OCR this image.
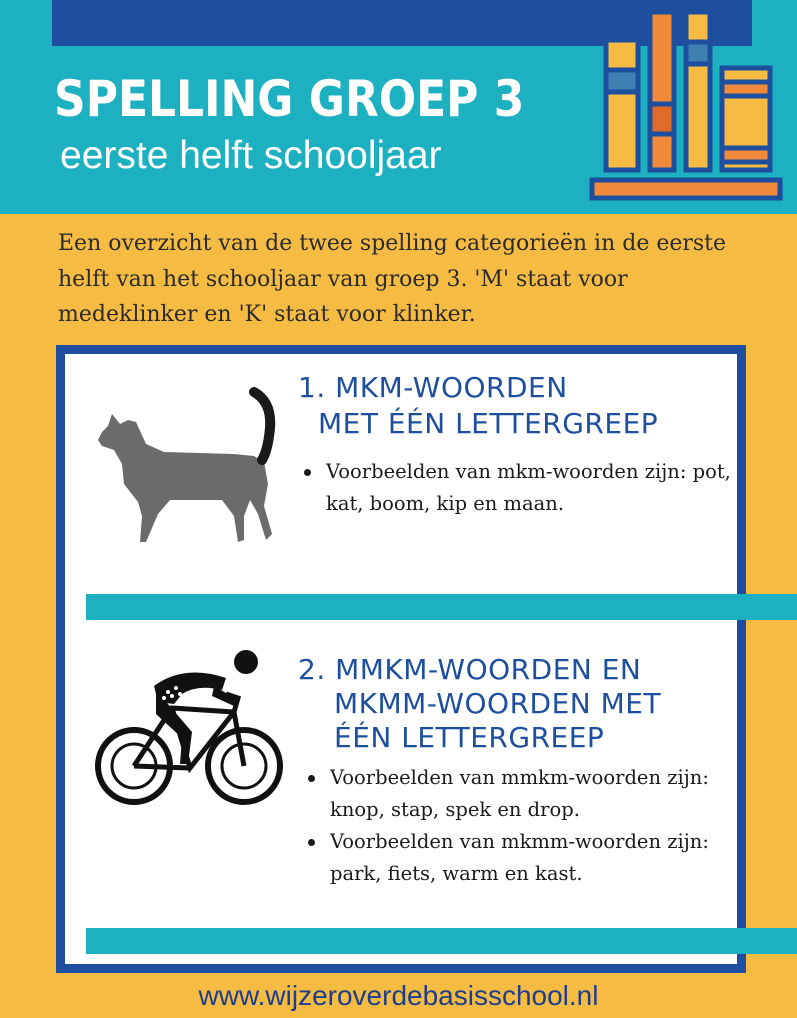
SPELLING GROEP 3
eerste helft schooljaar
Een overzicht van de twee spelling categorieën in de eerste
helft van het schooljaar van groep 3. 'M' staat voor
medeklinker en 'K' staat voor klinker.
1. MKM-WOORDEN
MET ÉÉN LETTERGREEP
Voorbeelden van mkm-woorden zijn: pot, kat, boom, kip en maan.
2. MMKM-WOORDEN EN
MKMM-WOORDEN MET
ÉÉN LETTERGREEP
Voorbeelden van mmkm-woorden zijn: knop, stap, spek en drop.
Voorbeelden van mkmm-woorden zijn: park, fiets, warm en kast.
www.wijzeroverdebasisschool.nl
